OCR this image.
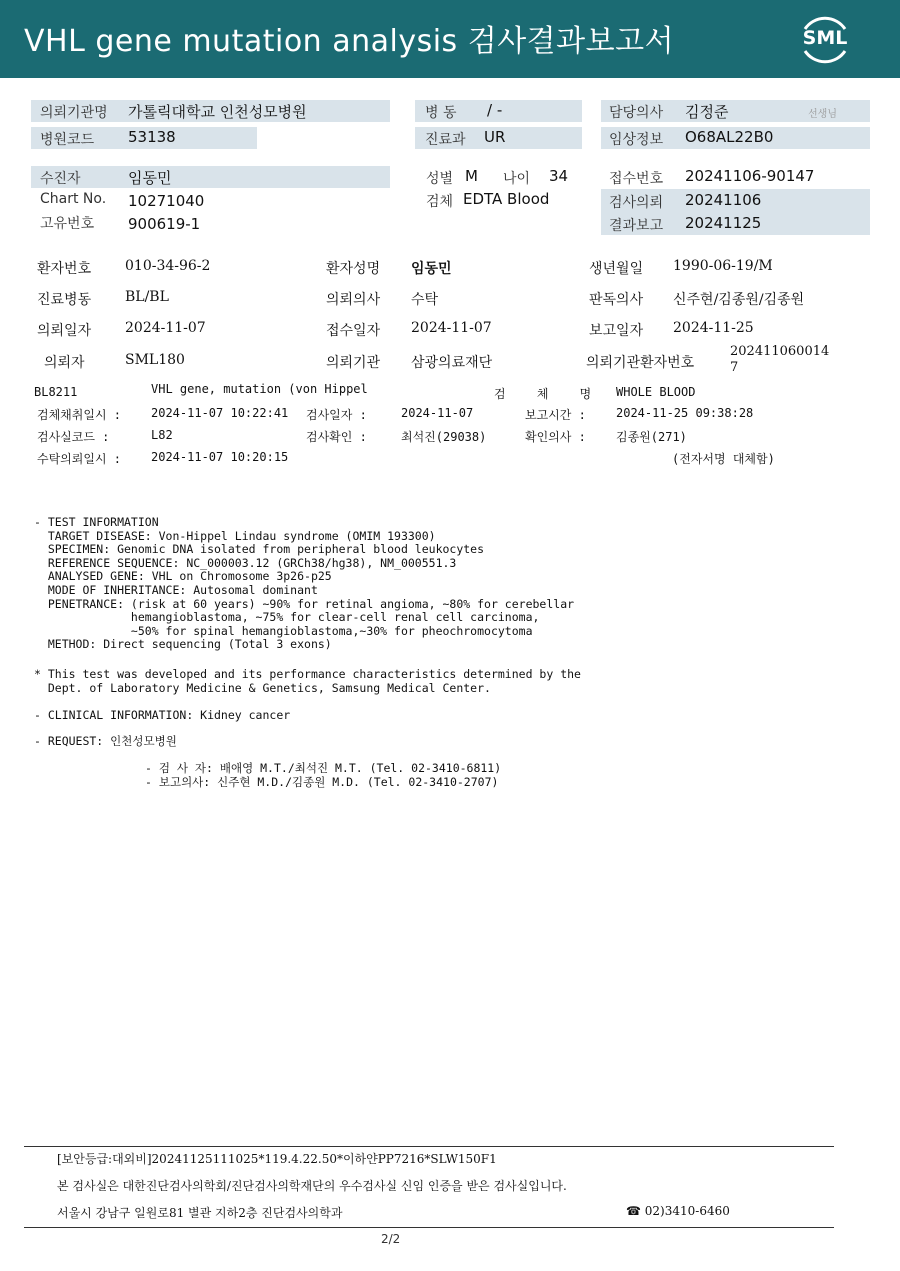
VHL gene mutation analysis 검사결과보고서	SML
의뢰기관명 가톨릭대학교 인천성모병원
병원코드 53138
병 동 / -
진료과 UR
담당의사 김정준	선생님
임상정보 O68AL22B0
수진자	임동민
Chart No. 10271040
고유번호 900619-1
성별 M 나이 34
검체 EDTA Blood
접수번호 20241106-90147
검사의뢰 20241106
결과보고 20241125
환자번호 010-34-96-2	환자성명 임동민	생년월일 1990-06-19/M
진료병동 BL/BL	의뢰의사 수탁	판독의사 신주현/김종원/김종원
의뢰일자 2024-11-07	접수일자 2024-11-07	보고일자 2024-11-25
의뢰자	SML180	의뢰기관 삼광의료재단	의뢰기관환자번호
202411060014
7
BL8211	VHL gene, mutation (von Hippel	검 체 명 WHOLE BLOOD
검체채취일시 : 2024-11-07 10:22:41 검사일자 :	2024-11-07	보고시간 :	2024-11-25 09:38:28
검사실코드 :	L82	검사확인 :	최석진(29038)	확인의사 :	김종원(271)
수탁의뢰일시 : 2024-11-07 10:20:15	(전자서명 대체함)
- TEST INFORMATION
TARGET DISEASE: Von-Hippel Lindau syndrome (OMIM 193300)
SPECIMEN: Genomic DNA isolated from peripheral blood leukocytes
REFERENCE SEQUENCE: NC_000003.12 (GRCh38/hg38), NM_000551.3
ANALYSED GENE: VHL on Chromosome 3p26-p25
MODE OF INHERITANCE: Autosomal dominant
PENETRANCE: (risk at 60 years) ~90% for retinal angioma, ~80% for cerebellar
hemangioblastoma, ~75% for clear-cell renal cell carcinoma,
~50% for spinal hemangioblastoma,~30% for pheochromocytoma
METHOD: Direct sequencing (Total 3 exons)
* This test was developed and its performance characteristics determined by the
Dept. of Laboratory Medicine & Genetics, Samsung Medical Center.
- CLINICAL INFORMATION: Kidney cancer
- REQUEST: 인천성모병원
- 검 사 자: 배애영 M.T./최석진 M.T. (Tel. 02-3410-6811)
- 보고의사: 신주현 M.D./김종원 M.D. (Tel. 02-3410-2707)
[보안등급:대외비]20241125111025*119.4.22.50*이하얀PP7216*SLW150F1
본 검사실은 대한진단검사의학회/진단검사의학재단의 우수검사실 신임 인증을 받은 검사실입니다.
서울시 강남구 일원로81 별관 지하2층 진단검사의학과	☎ 02)3410-6460
2/2
